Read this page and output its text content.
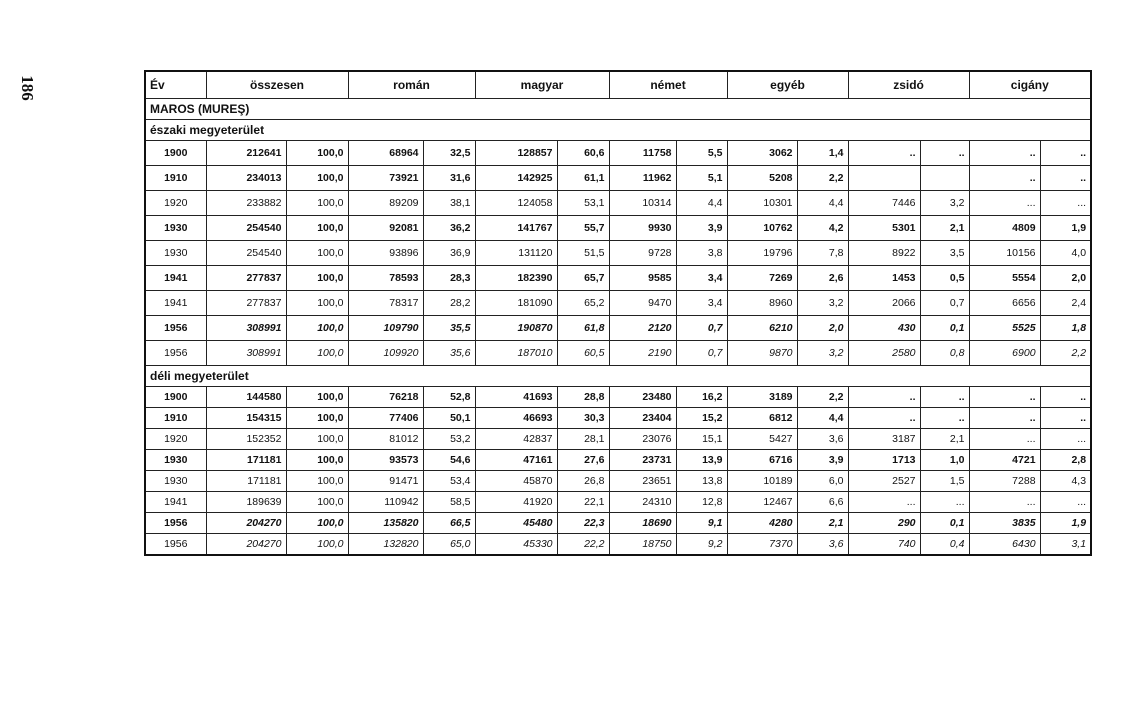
186	Év	összesen		román		magyar		német		egyéb		zsidó		cigány	
MAROS (MUREŞ)														
északi megyeterület														
1900	212641	100,0	68964	32,5	128857	60,6	11758	5,5	3062	1,4	..	..	..	..
1910	234013	100,0	73921	31,6	142925	61,1	11962	5,1	5208	2,2			..	..
1920	233882	100,0	89209	38,1	124058	53,1	10314	4,4	10301	4,4	7446	3,2	...	...
1930	254540	100,0	92081	36,2	141767	55,7	9930	3,9	10762	4,2	5301	2,1	4809	1,9
1930	254540	100,0	93896	36,9	131120	51,5	9728	3,8	19796	7,8	8922	3,5	10156	4,0
1941	277837	100,0	78593	28,3	182390	65,7	9585	3,4	7269	2,6	1453	0,5	5554	2,0
1941	277837	100,0	78317	28,2	181090	65,2	9470	3,4	8960	3,2	2066	0,7	6656	2,4
1956	308991	100,0	109790	35,5	190870	61,8	2120	0,7	6210	2,0	430	0,1	5525	1,8
1956	308991	100,0	109920	35,6	187010	60,5	2190	0,7	9870	3,2	2580	0,8	6900	2,2
déli megyeterület														
1900	144580	100,0	76218	52,8	41693	28,8	23480	16,2	3189	2,2	..	..	..	..
1910	154315	100,0	77406	50,1	46693	30,3	23404	15,2	6812	4,4	..	..	..	..
1920	152352	100,0	81012	53,2	42837	28,1	23076	15,1	5427	3,6	3187	2,1	...	...
1930	171181	100,0	93573	54,6	47161	27,6	23731	13,9	6716	3,9	1713	1,0	4721	2,8
1930	171181	100,0	91471	53,4	45870	26,8	23651	13,8	10189	6,0	2527	1,5	7288	4,3
1941	189639	100,0	110942	58,5	41920	22,1	24310	12,8	12467	6,6	...	...	...	...
1956	204270	100,0	135820	66,5	45480	22,3	18690	9,1	4280	2,1	290	0,1	3835	1,9
1956	204270	100,0	132820	65,0	45330	22,2	18750	9,2	7370	3,6	740	0,4	6430	3,1
